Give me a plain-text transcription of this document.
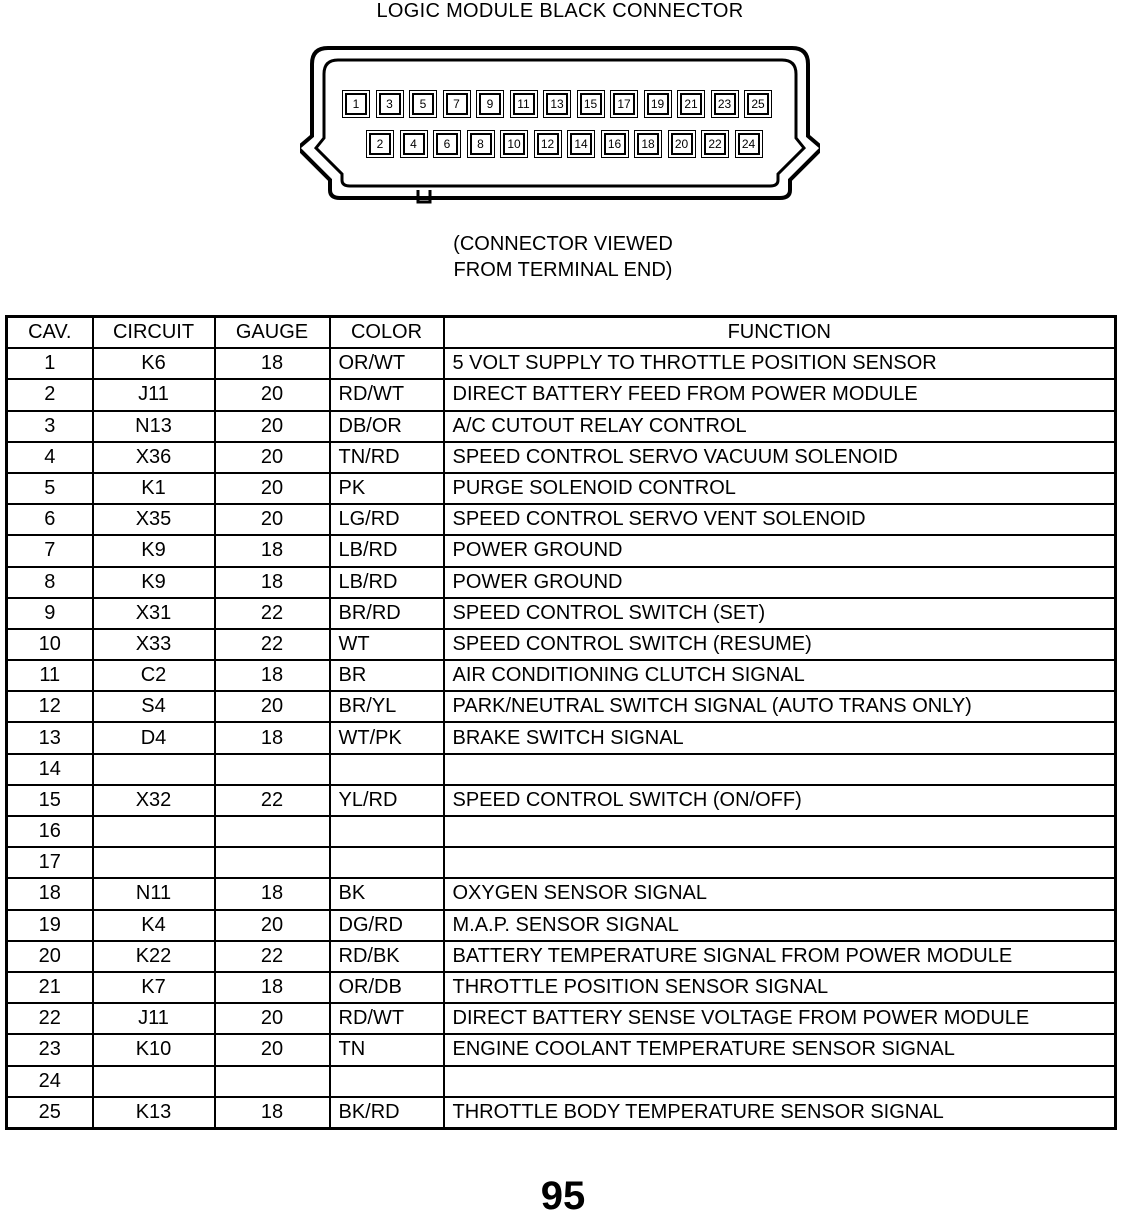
LOGIC MODULE BLACK CONNECTOR
1	3	5	7	9	11	13	15	17	19	21	23	25
2	4	6	8	10	12	14	16	18	20	22	24
(CONNECTOR VIEWED
FROM TERMINAL END)
CAV.	CIRCUIT	GAUGE	COLOR	FUNCTION
1	K6	18	OR/WT	5 VOLT SUPPLY TO THROTTLE POSITION SENSOR
2	J11	20	RD/WT	DIRECT BATTERY FEED FROM POWER MODULE
3	N13	20	DB/OR	A/C CUTOUT RELAY CONTROL
4	X36	20	TN/RD	SPEED CONTROL SERVO VACUUM SOLENOID
5	K1	20	PK	PURGE SOLENOID CONTROL
6	X35	20	LG/RD	SPEED CONTROL SERVO VENT SOLENOID
7	K9	18	LB/RD	POWER GROUND
8	K9	18	LB/RD	POWER GROUND
9	X31	22	BR/RD	SPEED CONTROL SWITCH (SET)
10	X33	22	WT	SPEED CONTROL SWITCH (RESUME)
11	C2	18	BR	AIR CONDITIONING CLUTCH SIGNAL
12	S4	20	BR/YL	PARK/NEUTRAL SWITCH SIGNAL (AUTO TRANS ONLY)
13	D4	18	WT/PK	BRAKE SWITCH SIGNAL
14				
15	X32	22	YL/RD	SPEED CONTROL SWITCH (ON/OFF)
16				
17				
18	N11	18	BK	OXYGEN SENSOR SIGNAL
19	K4	20	DG/RD	M.A.P. SENSOR SIGNAL
20	K22	22	RD/BK	BATTERY TEMPERATURE SIGNAL FROM POWER MODULE
21	K7	18	OR/DB	THROTTLE POSITION SENSOR SIGNAL
22	J11	20	RD/WT	DIRECT BATTERY SENSE VOLTAGE FROM POWER MODULE
23	K10	20	TN	ENGINE COOLANT TEMPERATURE SENSOR SIGNAL
24				
25	K13	18	BK/RD	THROTTLE BODY TEMPERATURE SENSOR SIGNAL
95
